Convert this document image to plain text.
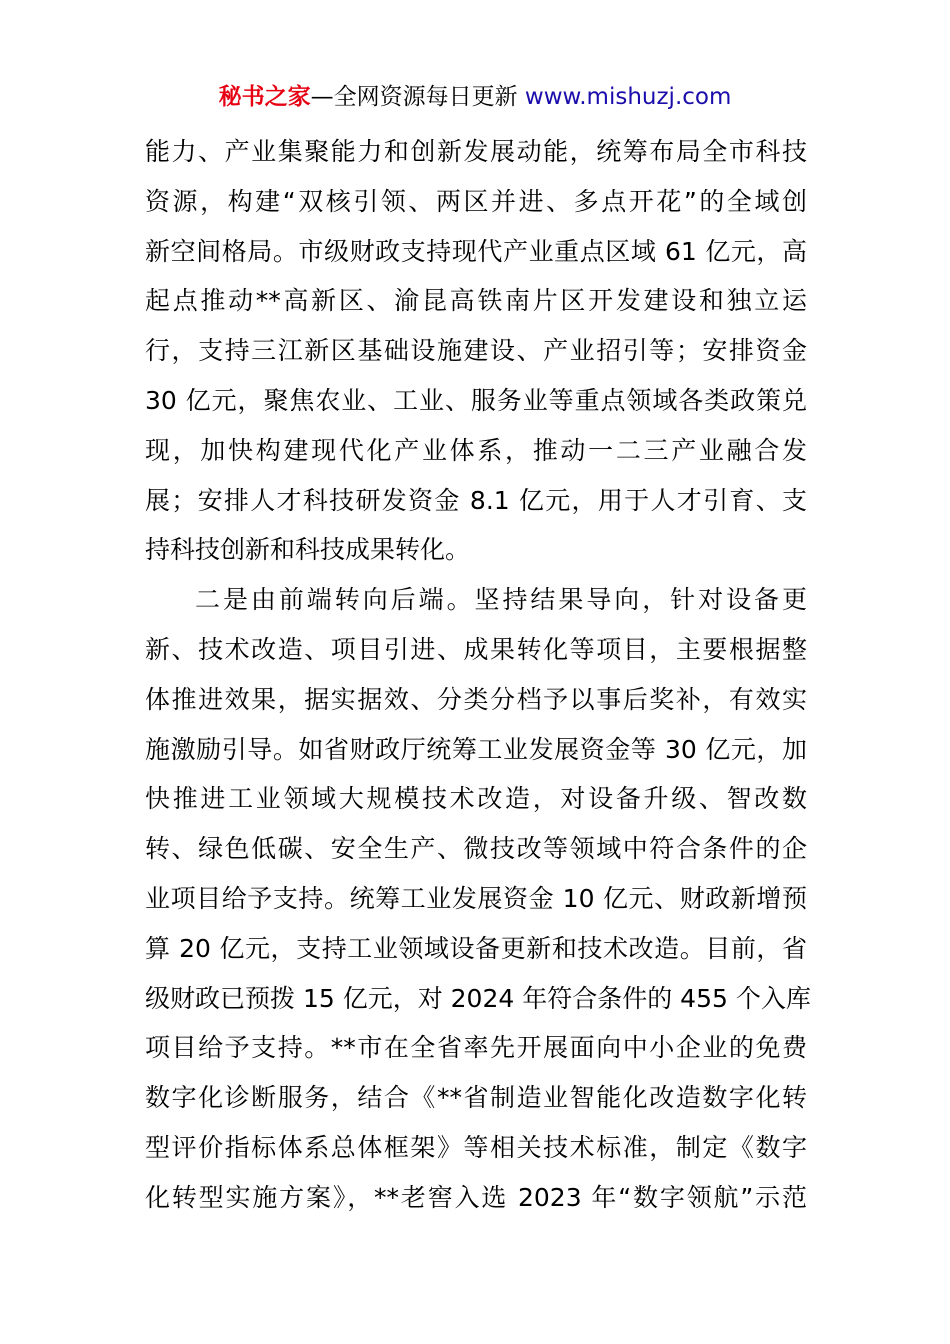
秘书之家—全网资源每日更新 www.mishuzj.com
能力、产业集聚能力和创新发展动能，统筹布局全市科技
资源，构建“双核引领、两区并进、多点开花”的全域创
新空间格局。市级财政支持现代产业重点区域 61 亿元，高
起点推动**高新区、渝昆高铁南片区开发建设和独立运
行，支持三江新区基础设施建设、产业招引等；安排资金
30 亿元，聚焦农业、工业、服务业等重点领域各类政策兑
现，加快构建现代化产业体系，推动一二三产业融合发
展；安排人才科技研发资金 8.1 亿元，用于人才引育、支
持科技创新和科技成果转化。
二是由前端转向后端。坚持结果导向，针对设备更
新、技术改造、项目引进、成果转化等项目，主要根据整
体推进效果，据实据效、分类分档予以事后奖补，有效实
施激励引导。如省财政厅统筹工业发展资金等 30 亿元，加
快推进工业领域大规模技术改造，对设备升级、智改数
转、绿色低碳、安全生产、微技改等领域中符合条件的企
业项目给予支持。统筹工业发展资金 10 亿元、财政新增预
算 20 亿元，支持工业领域设备更新和技术改造。目前，省
级财政已预拨 15 亿元，对 2024 年符合条件的 455 个入库
项目给予支持。**市在全省率先开展面向中小企业的免费
数字化诊断服务，结合《**省制造业智能化改造数字化转
型评价指标体系总体框架》等相关技术标准，制定《数字
化转型实施方案》，**老窖入选 2023 年“数字领航”示范
